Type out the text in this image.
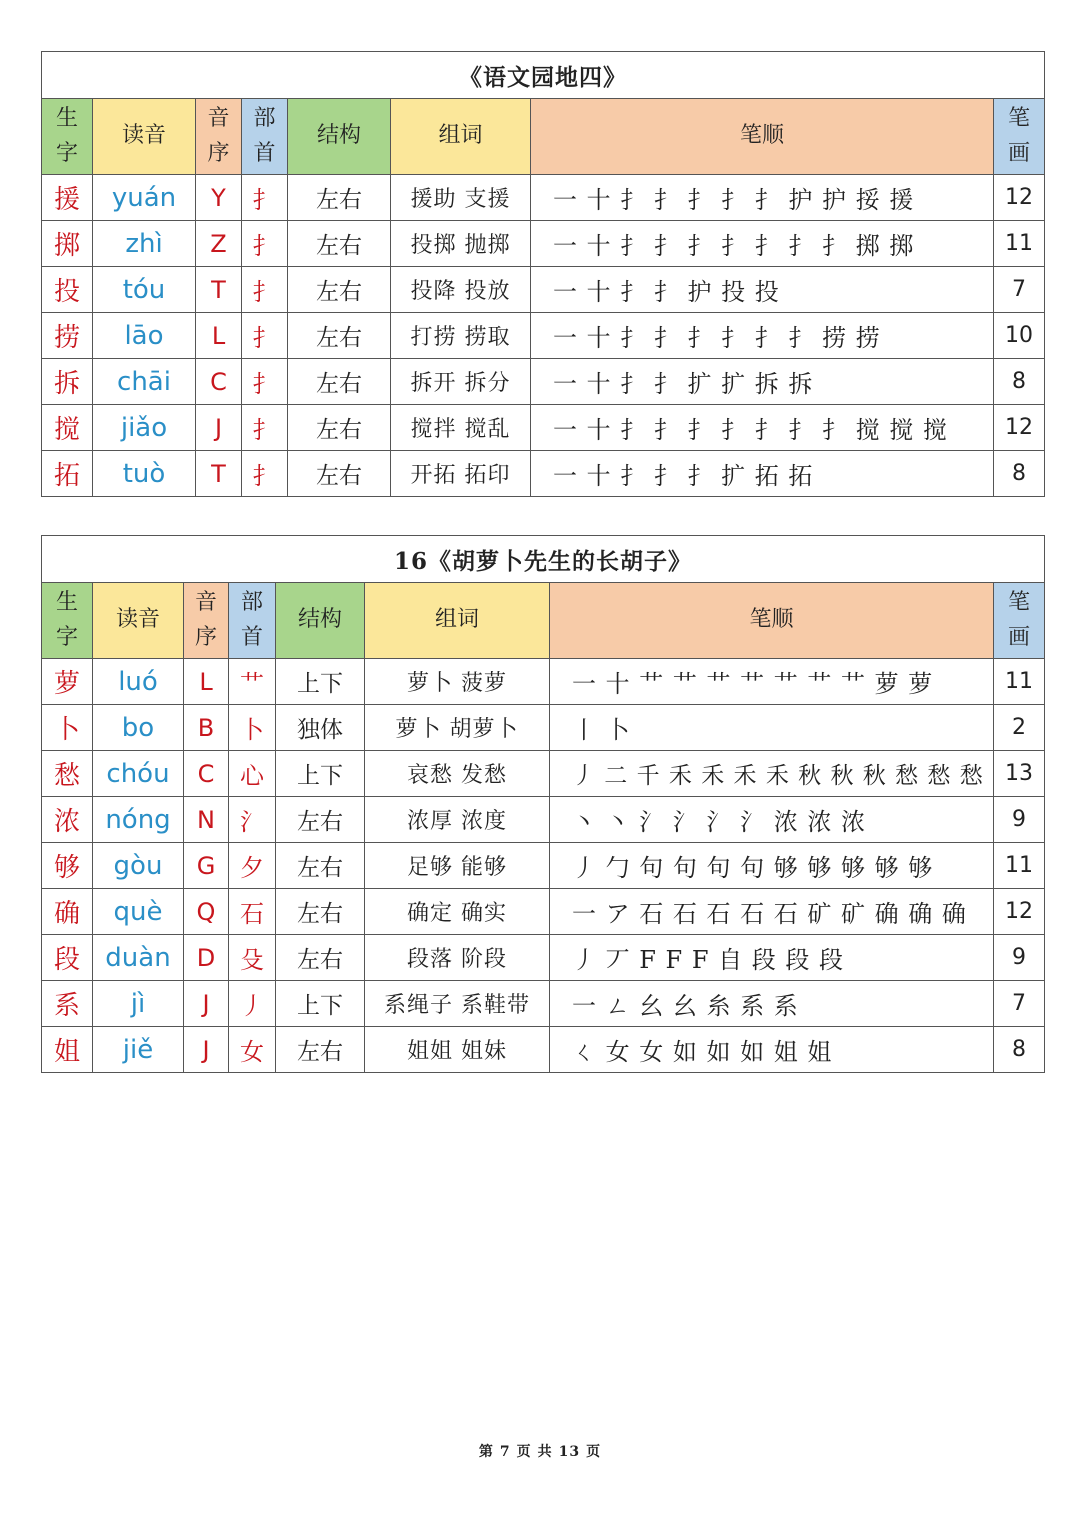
《语文园地四》							
生字	读音	音序	部首	结构	组词	笔顺	笔画
援	yuán	Y	扌	左右	援助 支援	一 十 扌 扌 扌 扌 扌 护 护 挼 援	12
掷	zhì	Z	扌	左右	投掷 抛掷	一 十 扌 扌 扌 扌 扌 扌 扌 掷 掷	11
投	tóu	T	扌	左右	投降 投放	一 十 扌 扌 护 投 投	7
捞	lāo	L	扌	左右	打捞 捞取	一 十 扌 扌 扌 扌 扌 扌 捞 捞	10
拆	chāi	C	扌	左右	拆开 拆分	一 十 扌 扌 扩 扩 拆 拆	8
搅	jiǎo	J	扌	左右	搅拌 搅乱	一 十 扌 扌 扌 扌 扌 扌 扌 搅 搅 搅	12
拓	tuò	T	扌	左右	开拓 拓印	一 十 扌 扌 扌 扩 拓 拓	8
16《胡萝卜先生的长胡子》							
生字	读音	音序	部首	结构	组词	笔顺	笔画
萝	luó	L	艹	上下	萝卜 菠萝	一 十 艹 艹 艹 艹 艹 艹 艹 萝 萝	11
卜	bo	B	卜	独体	萝卜 胡萝卜	丨 卜	2
愁	chóu	C	心	上下	哀愁 发愁	丿 二 千 禾 禾 禾 禾 秋 秋 秋 愁 愁 愁	13
浓	nóng	N	氵	左右	浓厚 浓度	丶 丶 氵 氵 氵 氵 浓 浓 浓	9
够	gòu	G	夕	左右	足够 能够	丿 勹 句 句 句 句 够 够 够 够 够	11
确	què	Q	石	左右	确定 确实	一 ア 石 石 石 石 石 矿 矿 确 确 确	12
段	duàn	D	殳	左右	段落 阶段	丿 丆 F F F 自 段 段 段	9
系	jì	J	丿	上下	系绳子 系鞋带	一 ㄥ 幺 幺 糸 系 系	7
姐	jiě	J	女	左右	姐姐 姐妹	ㄑ 女 女 如 如 如 姐 姐	8
第 7 页 共 13 页
